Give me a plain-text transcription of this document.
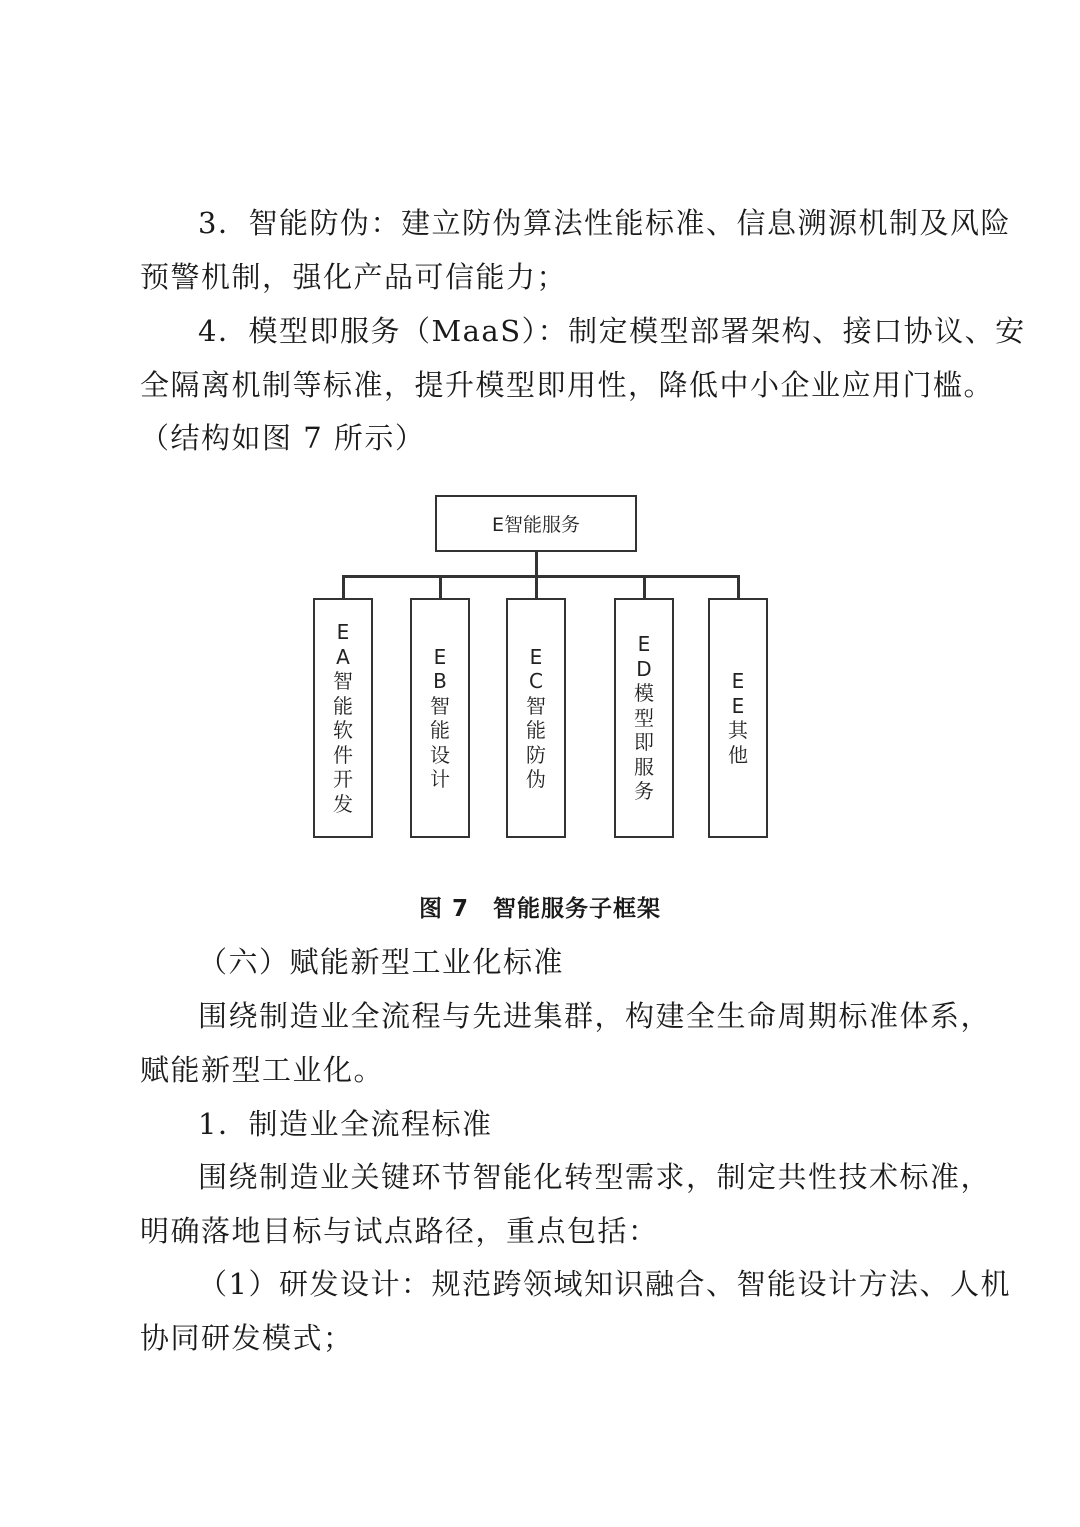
3．智能防伪：建立防伪算法性能标准、信息溯源机制及风险
预警机制，强化产品可信能力；
4．模型即服务（MaaS）：制定模型部署架构、接口协议、安
全隔离机制等标准，提升模型即用性，降低中小企业应用门槛。
（结构如图 7 所示）
E智能服务
EA
智
能
软
件
开
发
EB
智
能
设
计
EC
智
能
防
伪
ED
模
型
即
服
务
EE
其
他
图 7　智能服务子框架
（六）赋能新型工业化标准
围绕制造业全流程与先进集群，构建全生命周期标准体系，
赋能新型工业化。
1．制造业全流程标准
围绕制造业关键环节智能化转型需求，制定共性技术标准，
明确落地目标与试点路径，重点包括：
（1）研发设计：规范跨领域知识融合、智能设计方法、人机
协同研发模式；
